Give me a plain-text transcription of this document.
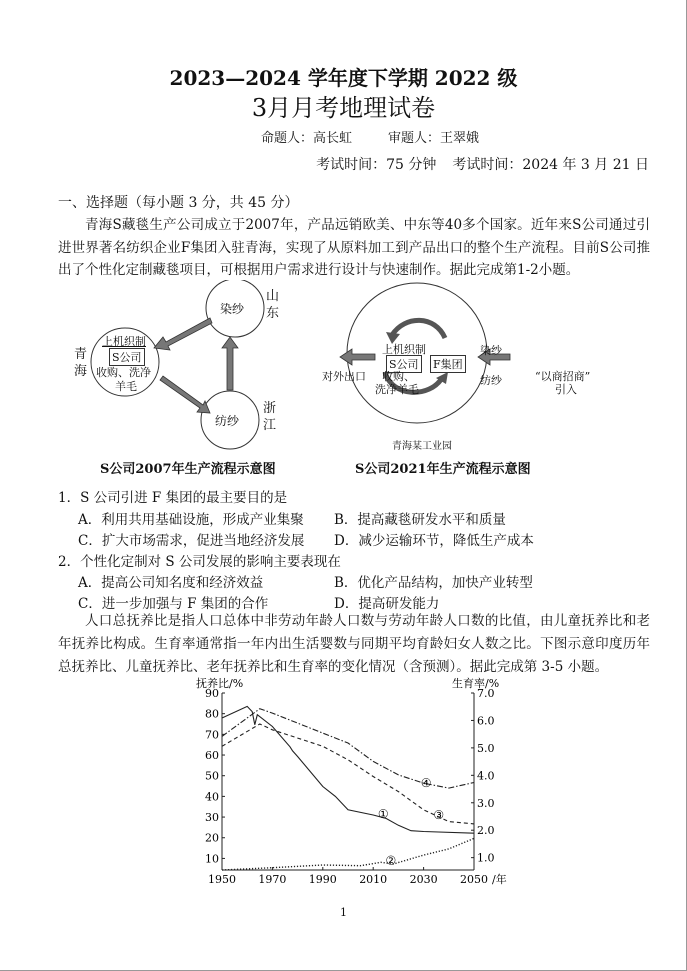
2023—2024 学年度下学期 2022 级
3月月考地理试卷
命题人：高长虹	审题人：王翠娥
考试时间：75 分钟 考试时间：2024 年 3 月 21 日
一、选择题（每小题 3 分，共 45 分）
青海S藏毯生产公司成立于2007年，产品远销欧美、中东等40多个国家。近年来S公司通过引进世界著名纺织企业F集团入驻青海，实现了从原料加工到产品出口的整个生产流程。目前S公司推出了个性化定制藏毯项目，可根据用户需求进行设计与快速制作。据此完成第1-2小题。
染纱
山东
青海
上机织制
S公司
收购、洗净
羊毛
纺纱
浙江
S公司2007年生产流程示意图
对外出口
上机织制
S公司
收购、
洗净羊毛
F集团
染纱
纺纱	“以商招商”
引入
青海某工业园
S公司2021年生产流程示意图
1．S 公司引进 F 集团的最主要目的是
A．利用共用基础设施，形成产业集聚 B．提高藏毯研发水平和质量
C．扩大市场需求，促进当地经济发展 D．减少运输环节，降低生产成本
2．个性化定制对 S 公司发展的影响主要表现在
A．提高公司知名度和经济效益	B．优化产品结构，加快产业转型
C．进一步加强与 F 集团的合作	D．提高研发能力
人口总抚养比是指人口总体中非劳动年龄人口数与劳动年龄人口数的比值，由儿童抚养比和老年抚养比构成。生育率通常指一年内出生活婴数与同期平均育龄妇女人数之比。下图示意印度历年总抚养比、儿童抚养比、老年抚养比和生育率的变化情况（含预测）。据此完成第 3-5 小题。
抚养比/%	生育率/%
10
20
30
40
50
60
70
80
90
1.0
2.0
3.0
4.0
5.0
6.0
7.0
1950 1970 1990 2010 2030 2050 /年
①
②
③
④
1
